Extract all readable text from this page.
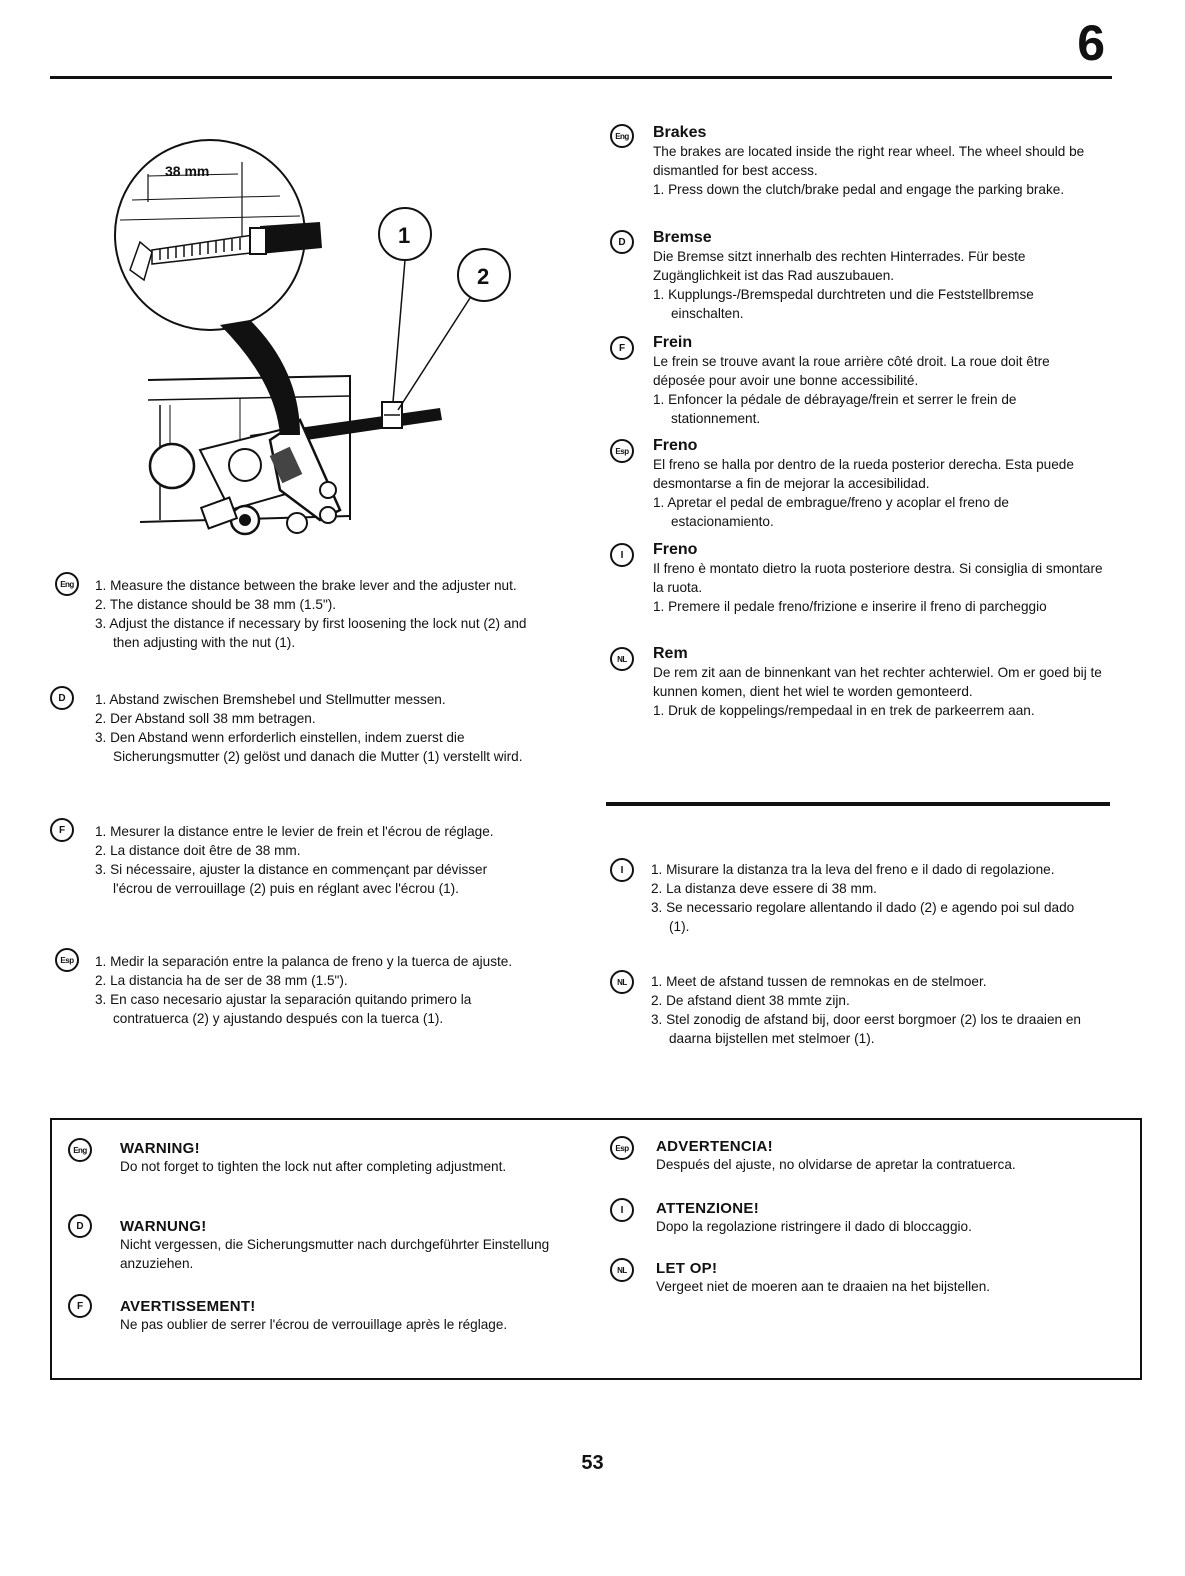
6
38 mm
1
2
Eng	1. Measure the distance between the brake lever and the adjuster nut.
2. The distance should be 38 mm (1.5").
3. Adjust the distance if necessary by first loosening the lock nut (2) and then adjusting with the nut (1).
D	1. Abstand zwischen Bremshebel und Stellmutter messen.
2. Der Abstand soll 38 mm betragen.
3. Den Abstand wenn erforderlich einstellen, indem zuerst die Sicherungsmutter (2) gelöst und danach die Mutter (1) verstellt wird.
F	1. Mesurer la distance entre le levier de frein et l'écrou de réglage.
2. La distance doit être de 38 mm.
3. Si nécessaire, ajuster la distance en commençant par dévisser l'écrou de verrouillage (2) puis en réglant avec l'écrou (1).
Esp	1. Medir la separación entre la palanca de freno y la tuerca de ajuste.
2. La distancia ha de ser de 38 mm (1.5").
3. En caso necesario ajustar la separación quitando primero la contratuerca (2) y ajustando después con la tuerca (1).
Eng	Brakes
The brakes are located inside the right rear wheel. The wheel should be dismantled for best access.
1. Press down the clutch/brake pedal and engage the parking brake.
D	Bremse
Die Bremse sitzt innerhalb des rechten Hinterrades. Für beste Zugänglichkeit ist das Rad auszubauen.
1. Kupplungs-/Bremspedal durchtreten und die Feststellbremse einschalten.
F	Frein
Le frein se trouve avant la roue arrière côté droit. La roue doit être déposée pour avoir une bonne accessibilité.
1. Enfoncer la pédale de débrayage/frein et serrer le frein de stationnement.
Esp	Freno
El freno se halla por dentro de la rueda posterior derecha. Esta puede desmontarse a fin de mejorar la accesibilidad.
1. Apretar el pedal de embrague/freno y acoplar el freno de estacionamiento.
I	Freno
Il freno è montato dietro la ruota posteriore destra. Si consiglia di smontare la ruota.
1. Premere il pedale freno/frizione e inserire il freno di parcheggio
NL	Rem
De rem zit aan de binnenkant van het rechter achterwiel. Om er goed bij te kunnen komen, dient het wiel te worden gemonteerd.
1. Druk de koppelings/rempedaal in en trek de parkeerrem aan.
I	1. Misurare la distanza tra la leva del freno e il dado di regolazione.
2. La distanza deve essere di 38 mm.
3. Se necessario regolare allentando il dado (2) e agendo poi sul dado (1).
NL	1. Meet de afstand tussen de remnokas en de stelmoer.
2. De afstand dient 38 mmte zijn.
3. Stel zonodig de afstand bij, door eerst borgmoer (2) los te draaien en daarna bijstellen met stelmoer (1).
Eng	WARNING!
Do not forget to tighten the lock nut after completing adjustment.
D	WARNUNG!
Nicht vergessen, die Sicherungsmutter nach durchgeführter Einstellung anzuziehen.
F	AVERTISSEMENT!
Ne pas oublier de serrer l'écrou de verrouillage après le réglage.
Esp	ADVERTENCIA!
Después del ajuste, no olvidarse de apretar la contratuerca.
I	ATTENZIONE!
Dopo la regolazione ristringere il dado di bloccaggio.
NL	LET OP!
Vergeet niet de moeren aan te draaien na het bijstellen.
53
